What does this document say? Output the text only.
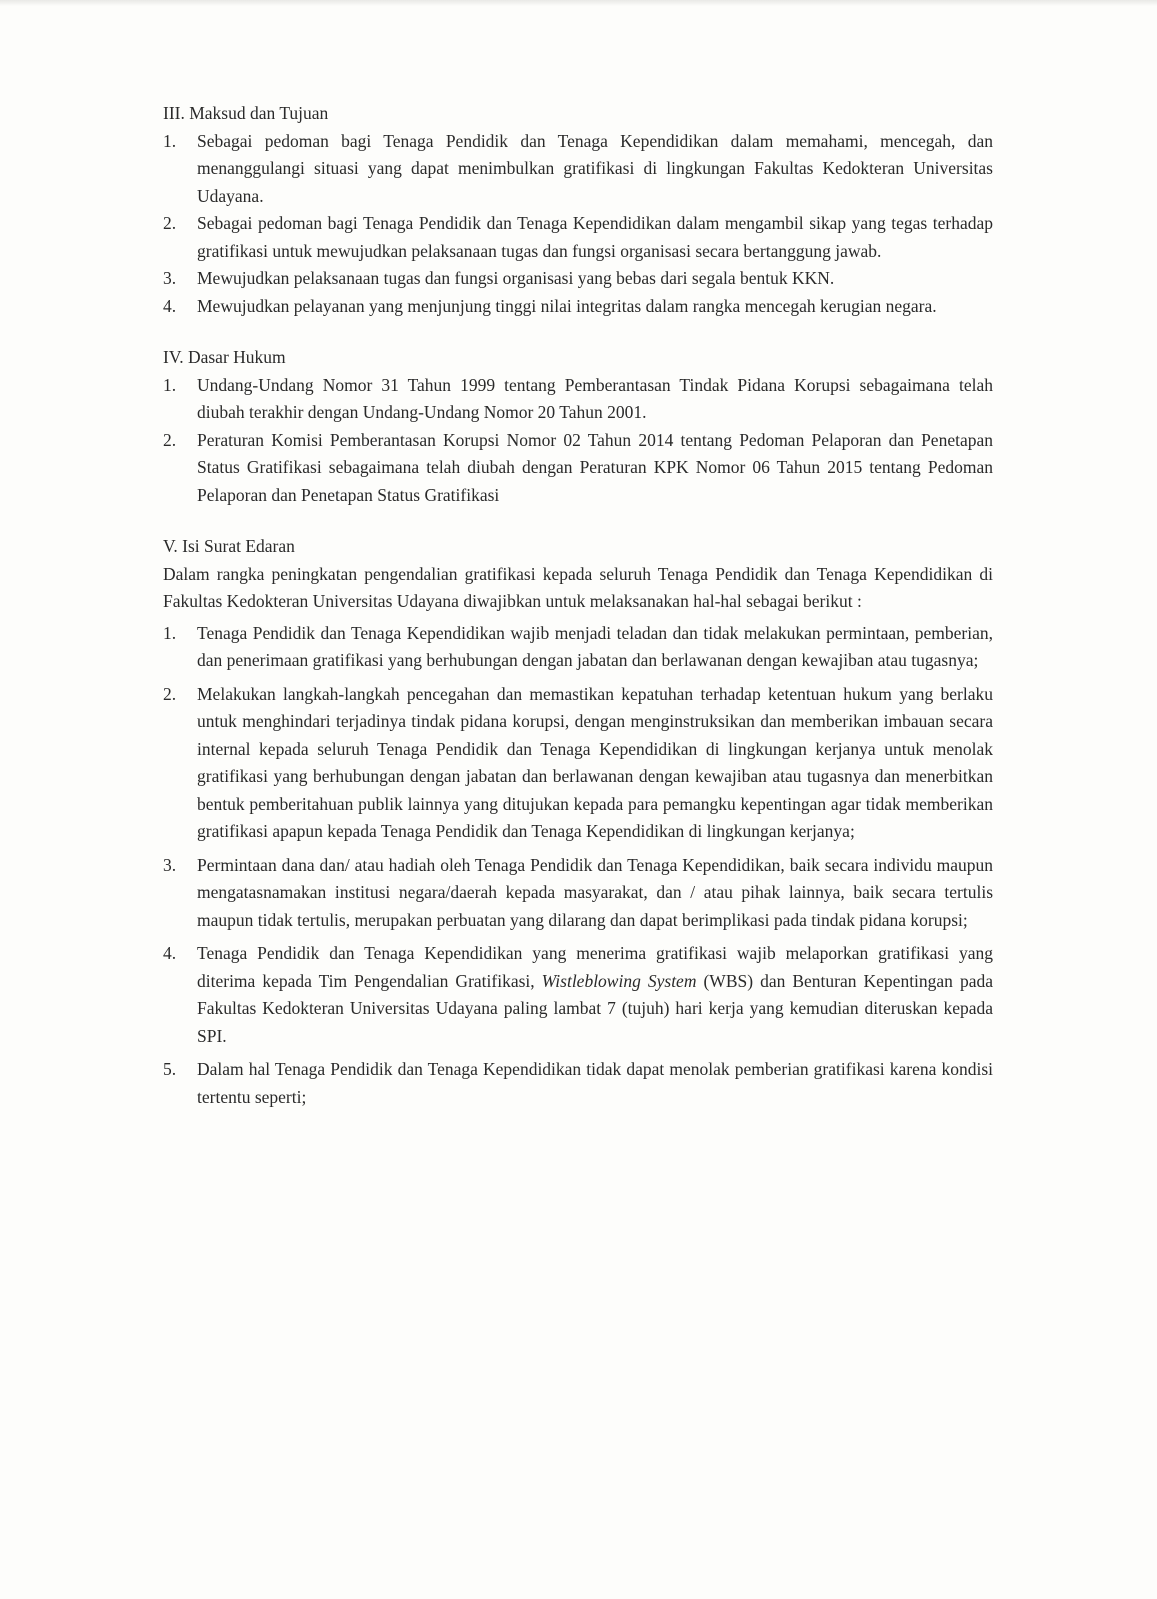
III. Maksud dan Tujuan

1. Sebagai pedoman bagi Tenaga Pendidik dan Tenaga Kependidikan dalam memahami, mencegah, dan menanggulangi situasi yang dapat menimbulkan gratifikasi di lingkungan Fakultas Kedokteran Universitas Udayana.
2. Sebagai pedoman bagi Tenaga Pendidik dan Tenaga Kependidikan dalam mengambil sikap yang tegas terhadap gratifikasi untuk mewujudkan pelaksanaan tugas dan fungsi organisasi secara bertanggung jawab.
3. Mewujudkan pelaksanaan tugas dan fungsi organisasi yang bebas dari segala bentuk KKN.
4. Mewujudkan pelayanan yang menjunjung tinggi nilai integritas dalam rangka mencegah kerugian negara.

IV. Dasar Hukum

1. Undang-Undang Nomor 31 Tahun 1999 tentang Pemberantasan Tindak Pidana Korupsi sebagaimana telah diubah terakhir dengan Undang-Undang Nomor 20 Tahun 2001.
2. Peraturan Komisi Pemberantasan Korupsi Nomor 02 Tahun 2014 tentang Pedoman Pelaporan dan Penetapan Status Gratifikasi sebagaimana telah diubah dengan Peraturan KPK Nomor 06 Tahun 2015 tentang Pedoman Pelaporan dan Penetapan Status Gratifikasi

V. Isi Surat Edaran

Dalam rangka peningkatan pengendalian gratifikasi kepada seluruh Tenaga Pendidik dan Tenaga Kependidikan di Fakultas Kedokteran Universitas Udayana diwajibkan untuk melaksanakan hal-hal sebagai berikut :

1. Tenaga Pendidik dan Tenaga Kependidikan wajib menjadi teladan dan tidak melakukan permintaan, pemberian, dan penerimaan gratifikasi yang berhubungan dengan jabatan dan berlawanan dengan kewajiban atau tugasnya;
2. Melakukan langkah-langkah pencegahan dan memastikan kepatuhan terhadap ketentuan hukum yang berlaku untuk menghindari terjadinya tindak pidana korupsi, dengan menginstruksikan dan memberikan imbauan secara internal kepada seluruh Tenaga Pendidik dan Tenaga Kependidikan di lingkungan kerjanya untuk menolak gratifikasi yang berhubungan dengan jabatan dan berlawanan dengan kewajiban atau tugasnya dan menerbitkan bentuk pemberitahuan publik lainnya yang ditujukan kepada para pemangku kepentingan agar tidak memberikan gratifikasi apapun kepada Tenaga Pendidik dan Tenaga Kependidikan di lingkungan kerjanya;
3. Permintaan dana dan/ atau hadiah oleh Tenaga Pendidik dan Tenaga Kependidikan, baik secara individu maupun mengatasnamakan institusi negara/daerah kepada masyarakat, dan / atau pihak lainnya, baik secara tertulis maupun tidak tertulis, merupakan perbuatan yang dilarang dan dapat berimplikasi pada tindak pidana korupsi;
4. Tenaga Pendidik dan Tenaga Kependidikan yang menerima gratifikasi wajib melaporkan gratifikasi yang diterima kepada Tim Pengendalian Gratifikasi, Wistleblowing System (WBS) dan Benturan Kepentingan pada Fakultas Kedokteran Universitas Udayana paling lambat 7 (tujuh) hari kerja yang kemudian diteruskan kepada SPI.
5. Dalam hal Tenaga Pendidik dan Tenaga Kependidikan tidak dapat menolak pemberian gratifikasi karena kondisi tertentu seperti;
